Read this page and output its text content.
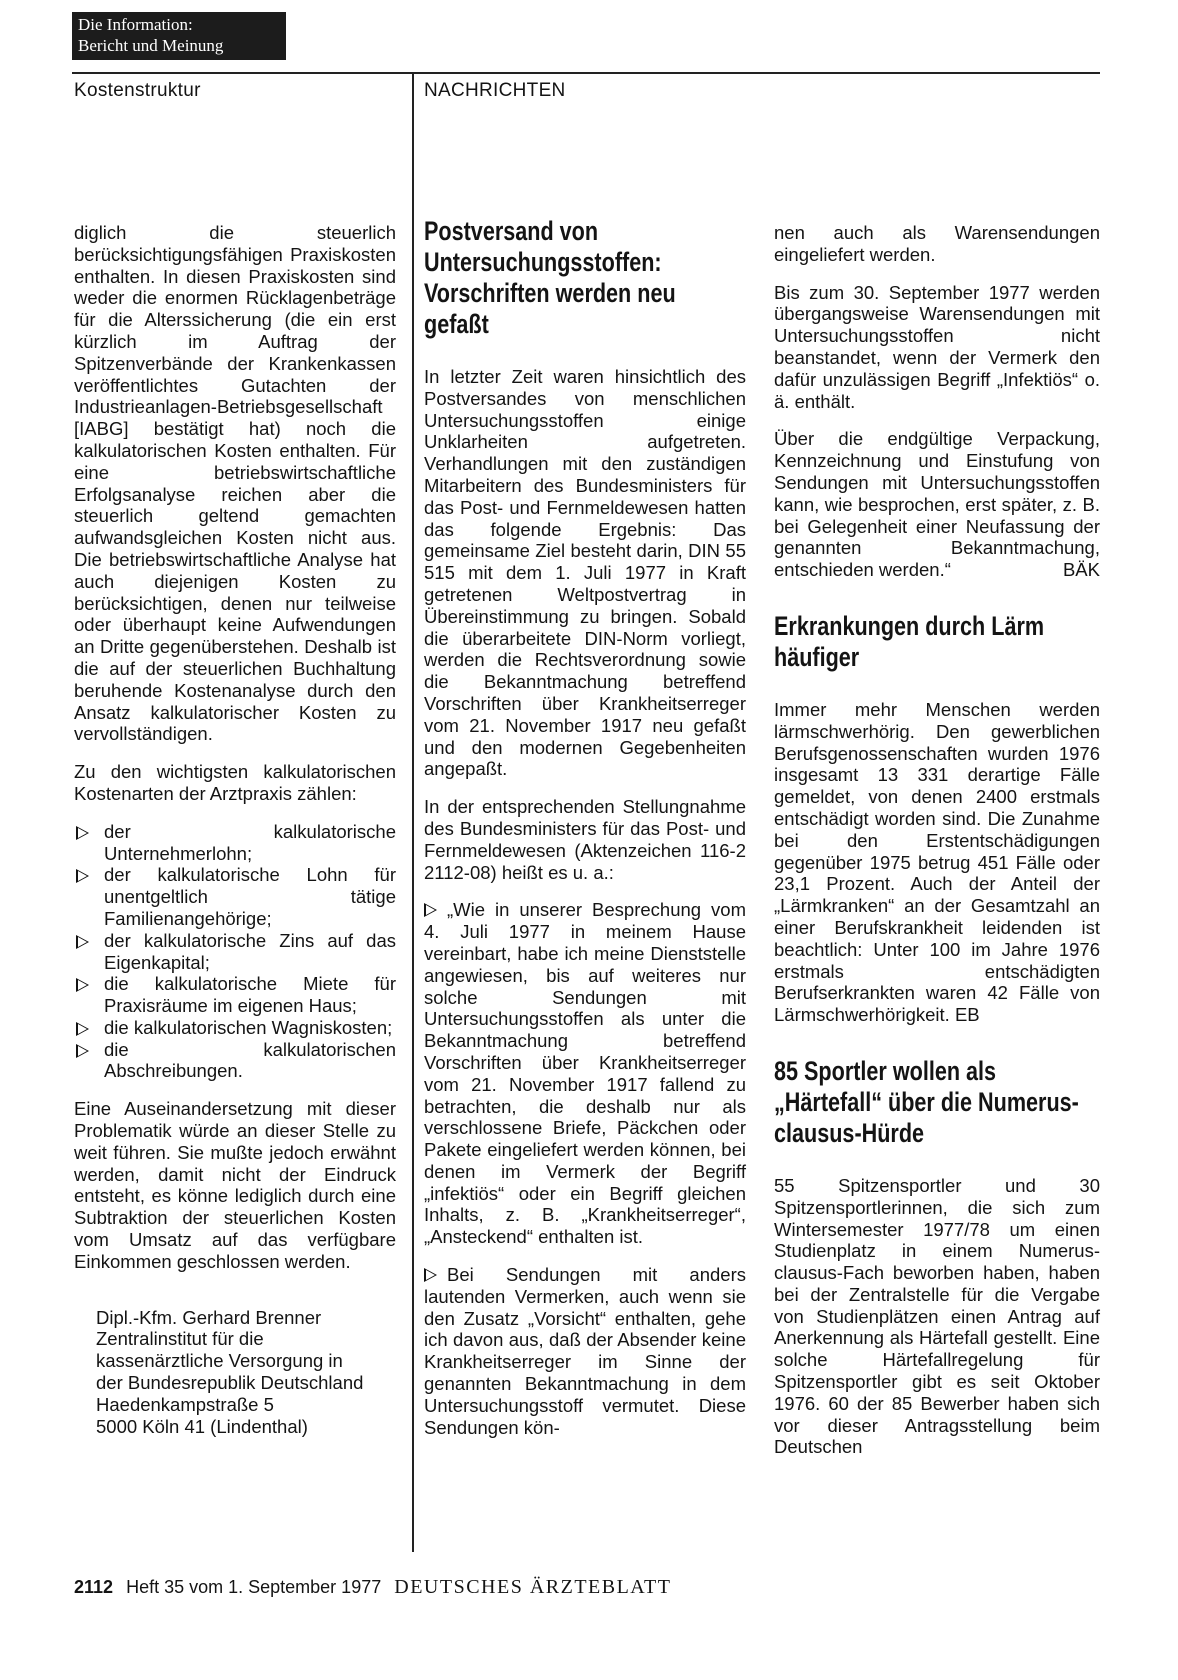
Die Information:
Bericht und Meinung
Kostenstruktur	NACHRICHTEN

diglich die steuerlich berücksichtigungsfähigen Praxiskosten enthalten. In diesen Praxiskosten sind weder die enormen Rücklagenbeträge für die Alterssicherung (die ein erst kürzlich im Auftrag der Spitzenverbände der Krankenkassen veröffentlichtes Gutachten der Industrieanlagen-Betriebsgesellschaft [IABG] bestätigt hat) noch die kalkulatorischen Kosten enthalten. Für eine betriebswirtschaftliche Erfolgsanalyse reichen aber die steuerlich geltend gemachten aufwandsgleichen Kosten nicht aus. Die betriebswirtschaftliche Analyse hat auch diejenigen Kosten zu berücksichtigen, denen nur teilweise oder überhaupt keine Aufwendungen an Dritte gegenüberstehen. Deshalb ist die auf der steuerlichen Buchhaltung beruhende Kostenanalyse durch den Ansatz kalkulatorischer Kosten zu vervollständigen.

Zu den wichtigsten kalkulatorischen Kostenarten der Arztpraxis zählen:

der kalkulatorische Unternehmerlohn;
der kalkulatorische Lohn für unentgeltlich tätige Familienangehörige;
der kalkulatorische Zins auf das Eigenkapital;
die kalkulatorische Miete für Praxisräume im eigenen Haus;
die kalkulatorischen Wagniskosten;
die kalkulatorischen Abschreibungen.

Eine Auseinandersetzung mit dieser Problematik würde an dieser Stelle zu weit führen. Sie mußte jedoch erwähnt werden, damit nicht der Eindruck entsteht, es könne lediglich durch eine Subtraktion der steuerlichen Kosten vom Umsatz auf das verfügbare Einkommen geschlossen werden.

Dipl.-Kfm. Gerhard Brenner
Zentralinstitut für die
kassenärztliche Versorgung in
der Bundesrepublik Deutschland
Haedenkampstraße 5
5000 Köln 41 (Lindenthal)
Postversand von Untersuchungsstoffen: Vorschriften werden neu gefaßt

In letzter Zeit waren hinsichtlich des Postversandes von menschlichen Untersuchungsstoffen einige Unklarheiten aufgetreten. Verhandlungen mit den zuständigen Mitarbeitern des Bundesministers für das Post- und Fernmeldewesen hatten das folgende Ergebnis: Das gemeinsame Ziel besteht darin, DIN 55 515 mit dem 1. Juli 1977 in Kraft getretenen Weltpostvertrag in Übereinstimmung zu bringen. Sobald die überarbeitete DIN-Norm vorliegt, werden die Rechtsverordnung sowie die Bekanntmachung betreffend Vorschriften über Krankheitserreger vom 21. November 1917 neu gefaßt und den modernen Gegebenheiten angepaßt.

In der entsprechenden Stellungnahme des Bundesministers für das Post- und Fernmeldewesen (Aktenzeichen 116-2 2112-08) heißt es u. a.:

„Wie in unserer Besprechung vom 4. Juli 1977 in meinem Hause vereinbart, habe ich meine Dienststelle angewiesen, bis auf weiteres nur solche Sendungen mit Untersuchungsstoffen als unter die Bekanntmachung betreffend Vorschriften über Krankheitserreger vom 21. November 1917 fallend zu betrachten, die deshalb nur als verschlossene Briefe, Päckchen oder Pakete eingeliefert werden können, bei denen im Vermerk der Begriff „infektiös“ oder ein Begriff gleichen Inhalts, z. B. „Krankheitserreger“, „Ansteckend“ enthalten ist.

Bei Sendungen mit anders lautenden Vermerken, auch wenn sie den Zusatz „Vorsicht“ enthalten, gehe ich davon aus, daß der Absender keine Krankheitserreger im Sinne der genannten Bekanntmachung in dem Untersuchungsstoff vermutet. Diese Sendungen kön-

nen auch als Warensendungen eingeliefert werden.

Bis zum 30. September 1977 werden übergangsweise Warensendungen mit Untersuchungsstoffen nicht beanstandet, wenn der Vermerk den dafür unzulässigen Begriff „Infektiös“ o. ä. enthält.

Über die endgültige Verpackung, Kennzeichnung und Einstufung von Sendungen mit Untersuchungsstoffen kann, wie besprochen, erst später, z. B. bei Gelegenheit einer Neufassung der genannten Bekanntmachung, entschieden werden.“	BÄK

Erkrankungen durch Lärm häufiger

Immer mehr Menschen werden lärmschwerhörig. Den gewerblichen Berufsgenossenschaften wurden 1976 insgesamt 13 331 derartige Fälle gemeldet, von denen 2400 erstmals entschädigt worden sind. Die Zunahme bei den Erstentschädigungen gegenüber 1975 betrug 451 Fälle oder 23,1 Prozent. Auch der Anteil der „Lärmkranken“ an der Gesamtzahl an einer Berufskrankheit leidenden ist beachtlich: Unter 100 im Jahre 1976 erstmals entschädigten Berufserkrankten waren 42 Fälle von Lärmschwerhörigkeit. EB

85 Sportler wollen als „Härtefall“ über die Numerus-clausus-Hürde

55 Spitzensportler und 30 Spitzensportlerinnen, die sich zum Wintersemester 1977/78 um einen Studienplatz in einem Numerus-clausus-Fach beworben haben, haben bei der Zentralstelle für die Vergabe von Studienplätzen einen Antrag auf Anerkennung als Härtefall gestellt. Eine solche Härtefallregelung für Spitzensportler gibt es seit Oktober 1976. 60 der 85 Bewerber haben sich vor dieser Antragsstellung beim Deutschen

2112 Heft 35 vom 1. September 1977 DEUTSCHES ÄRZTEBLATT
